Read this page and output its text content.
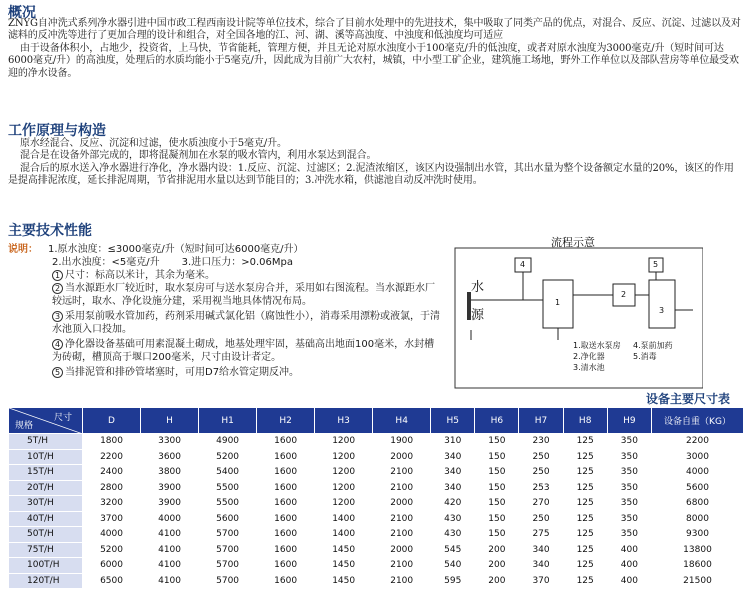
概况

ZNYG自冲洗式系列净水器引进中国市政工程西南设计院等单位技术，综合了目前水处理中的先进技术，集中吸取了同类产品的优点，对混合、反应、沉淀、过滤以及对滤料的反冲洗等进行了更加合理的设计和组合，对全国各地的江、河、湖、溪等高浊度、中浊度和低浊度均可适应

由于设备体积小，占地少，投资省，上马快，节省能耗，管理方便，并且无论对原水浊度小于100毫克/升的低浊度，或者对原水浊度为3000毫克/升（短时间可达6000毫克/升）的高浊度，处理后的水质均能小于5毫克/升，因此成为目前广大农村，城镇，中小型工矿企业，建筑施工场地，野外工作单位以及部队营房等单位最受欢迎的净水设备。

工作原理与构造

原水经混合、反应、沉淀和过滤，使水质浊度小于5毫克/升。

混合是在设备外部完成的，即将混凝剂加在水泵的吸水管内，利用水泵达到混合。

混合后的原水送入净水器进行净化，净水器内设：1.反应、沉淀、过滤区；2.泥渣浓缩区，该区内设强制出水管，其出水量为整个设备额定水量的20%，该区的作用是提高排泥浓度，延长排泥周期，节省排泥用水量以达到节能目的；3.冲洗水箱，供滤池自动反冲洗时使用。

主要技术性能
说明： 1.原水浊度：≤3000毫克/升（短时间可达6000毫克/升）
2.出水浊度：<5毫克/升 3.进口压力：>0.06Mpa
1 尺寸：标高以米计，其余为毫米。
2 当水源距水厂较近时，取水泵房可与送水泵房合并，采用如右图流程。当水源距水厂较远时，取水、净化设施分建，采用视当地具体情况布局。
3 采用泵前吸水管加药，药剂采用碱式氯化铝（腐蚀性小），消毒采用漂粉或液氯，于清水池顶入口投加。
4 净化器设备基础可用素混凝土砌成，地基处理牢固，基础高出地面100毫米，水封槽为砖砌，槽顶高于堰口200毫米，尺寸由设计者定。
5 当排泥管和排砂管堵塞时，可用D7给水管定期反冲。
流程示意
水
源
1
2
3
4	5
1.取送水泵房 4.泵前加药
2.净化器	5.消毒
3.清水池
设备主要尺寸表
尺寸
规格	D	H	H1	H2	H3	H4	H5	H6	H7	H8	H9	设备自重（KG）
5T/H	1800	3300	4900	1600	1200	1900	310	150	230	125	350	2200
10T/H	2200	3600	5200	1600	1200	2000	340	150	250	125	350	3000
15T/H	2400	3800	5400	1600	1200	2100	340	150	250	125	350	4000
20T/H	2800	3900	5500	1600	1200	2100	340	150	253	125	350	5600
30T/H	3200	3900	5500	1600	1200	2000	420	150	270	125	350	6800
40T/H	3700	4000	5600	1600	1400	2100	430	150	250	125	350	8000
50T/H	4000	4100	5700	1600	1400	2100	430	150	275	125	350	9300
75T/H	5200	4100	5700	1600	1450	2000	545	200	340	125	400	13800
100T/H	6000	4100	5700	1600	1450	2100	540	200	340	125	400	18600
120T/H	6500	4100	5700	1600	1450	2100	595	200	370	125	400	21500
